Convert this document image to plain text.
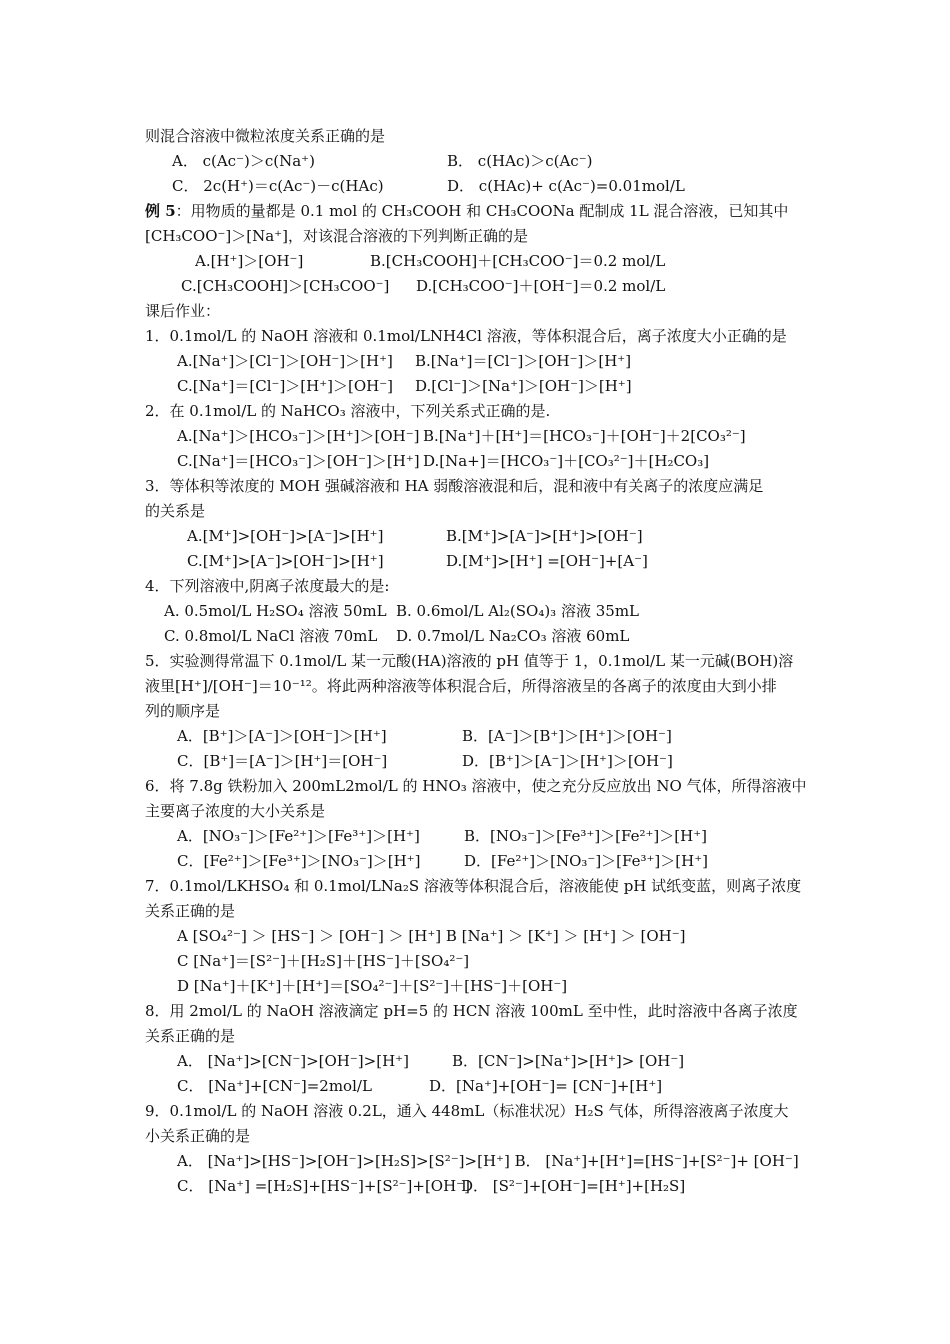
则混合溶液中微粒浓度关系正确的是
A． c(Ac⁻)＞c(Na⁺)	B． c(HAc)＞c(Ac⁻)
C． 2c(H⁺)＝c(Ac⁻)－c(HAc)	D． c(HAc)+ c(Ac⁻)=0.01mol/L
例 5：用物质的量都是 0.1 mol 的 CH₃COOH 和 CH₃COONa 配制成 1L 混合溶液，已知其中
[CH₃COO⁻]＞[Na⁺]，对该混合溶液的下列判断正确的是
A.[H⁺]＞[OH⁻]	B.[CH₃COOH]＋[CH₃COO⁻]＝0.2 mol/L
C.[CH₃COOH]＞[CH₃COO⁻] D.[CH₃COO⁻]＋[OH⁻]＝0.2 mol/L
课后作业：
1．0.1mol/L 的 NaOH 溶液和 0.1mol/LNH4Cl 溶液，等体积混合后，离子浓度大小正确的是
A.[Na⁺]＞[Cl⁻]＞[OH⁻]＞[H⁺] B.[Na⁺]＝[Cl⁻]＞[OH⁻]＞[H⁺]
C.[Na⁺]＝[Cl⁻]＞[H⁺]＞[OH⁻] D.[Cl⁻]＞[Na⁺]＞[OH⁻]＞[H⁺]
2．在 0.1mol/L 的 NaHCO₃ 溶液中，下列关系式正确的是.
A.[Na⁺]＞[HCO₃⁻]＞[H⁺]＞[OH⁻] B.[Na⁺]＋[H⁺]＝[HCO₃⁻]＋[OH⁻]＋2[CO₃²⁻]
C.[Na⁺]＝[HCO₃⁻]＞[OH⁻]＞[H⁺] D.[Na+]＝[HCO₃⁻]＋[CO₃²⁻]＋[H₂CO₃]
3．等体积等浓度的 MOH 强碱溶液和 HA 弱酸溶液混和后，混和液中有关离子的浓度应满足
的关系是
A.[M⁺]>[OH⁻]>[A⁻]>[H⁺]	B.[M⁺]>[A⁻]>[H⁺]>[OH⁻]
C.[M⁺]>[A⁻]>[OH⁻]>[H⁺]	D.[M⁺]>[H⁺] =[OH⁻]+[A⁻]
4．下列溶液中,阴离子浓度最大的是:
A. 0.5mol/L H₂SO₄ 溶液 50mL B. 0.6mol/L Al₂(SO₄)₃ 溶液 35mL
C. 0.8mol/L NaCl 溶液 70mL D. 0.7mol/L Na₂CO₃ 溶液 60mL
5．实验测得常温下 0.1mol/L 某一元酸(HA)溶液的 pH 值等于 1，0.1mol/L 某一元碱(BOH)溶
液里[H⁺]/[OH⁻]＝10⁻¹²。将此两种溶液等体积混合后，所得溶液呈的各离子的浓度由大到小排
列的顺序是
A．[B⁺]＞[A⁻]＞[OH⁻]＞[H⁺]	B．[A⁻]＞[B⁺]＞[H⁺]＞[OH⁻]
C．[B⁺]＝[A⁻]＞[H⁺]＝[OH⁻]	D．[B⁺]＞[A⁻]＞[H⁺]＞[OH⁻]
6．将 7.8g 铁粉加入 200mL2mol/L 的 HNO₃ 溶液中，使之充分反应放出 NO 气体，所得溶液中
主要离子浓度的大小关系是
A．[NO₃⁻]＞[Fe²⁺]＞[Fe³⁺]＞[H⁺]	B．[NO₃⁻]＞[Fe³⁺]＞[Fe²⁺]＞[H⁺]
C．[Fe²⁺]＞[Fe³⁺]＞[NO₃⁻]＞[H⁺]	D．[Fe²⁺]＞[NO₃⁻]＞[Fe³⁺]＞[H⁺]
7．0.1mol/LKHSO₄ 和 0.1mol/LNa₂S 溶液等体积混合后，溶液能使 pH 试纸变蓝，则离子浓度
关系正确的是
A [SO₄²⁻] ＞ [HS⁻] ＞ [OH⁻] ＞ [H⁺] B [Na⁺] ＞ [K⁺] ＞ [H⁺] ＞ [OH⁻]
C [Na⁺]＝[S²⁻]＋[H₂S]＋[HS⁻]＋[SO₄²⁻]
D [Na⁺]＋[K⁺]＋[H⁺]＝[SO₄²⁻]＋[S²⁻]＋[HS⁻]＋[OH⁻]
8．用 2mol/L 的 NaOH 溶液滴定 pH=5 的 HCN 溶液 100mL 至中性，此时溶液中各离子浓度
关系正确的是
A． [Na⁺]>[CN⁻]>[OH⁻]>[H⁺]	B．[CN⁻]>[Na⁺]>[H⁺]> [OH⁻]
C． [Na⁺]+[CN⁻]=2mol/L	D．[Na⁺]+[OH⁻]= [CN⁻]+[H⁺]
9．0.1mol/L 的 NaOH 溶液 0.2L，通入 448mL（标准状况）H₂S 气体，所得溶液离子浓度大
小关系正确的是
A． [Na⁺]>[HS⁻]>[OH⁻]>[H₂S]>[S²⁻]>[H⁺] B． [Na⁺]+[H⁺]=[HS⁻]+[S²⁻]+ [OH⁻]
C． [Na⁺] =[H₂S]+[HS⁻]+[S²⁻]+[OH⁻]
D． [S²⁻]+[OH⁻]=[H⁺]+[H₂S]
